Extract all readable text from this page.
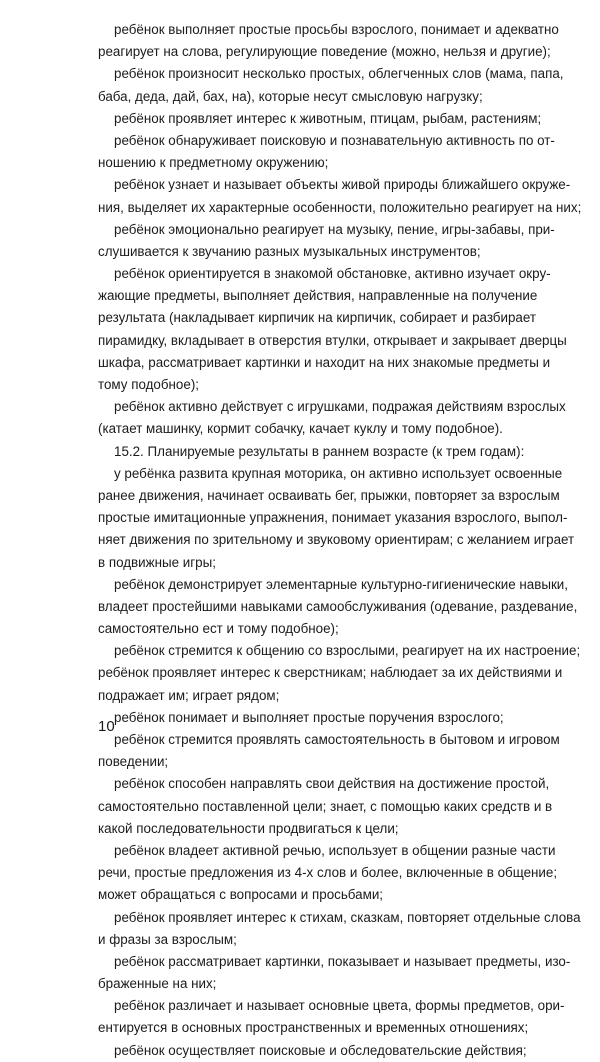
ребёнок выполняет простые просьбы взрослого, понимает и адекватно
реагирует на слова, регулирующие поведение (можно, нельзя и другие);
ребёнок произносит несколько простых, облегченных слов (мама, папа,
баба, деда, дай, бах, на), которые несут смысловую нагрузку;
ребёнок проявляет интерес к животным, птицам, рыбам, растениям;
ребёнок обнаруживает поисковую и познавательную активность по от-
ношению к предметному окружению;
ребёнок узнает и называет объекты живой природы ближайшего окруже-
ния, выделяет их характерные особенности, положительно реагирует на них;
ребёнок эмоционально реагирует на музыку, пение, игры-забавы, при-
слушивается к звучанию разных музыкальных инструментов;
ребёнок ориентируется в знакомой обстановке, активно изучает окру-
жающие предметы, выполняет действия, направленные на получение
результата (накладывает кирпичик на кирпичик, собирает и разбирает
пирамидку, вкладывает в отверстия втулки, открывает и закрывает дверцы
шкафа, рассматривает картинки и находит на них знакомые предметы и
тому подобное);
ребёнок активно действует с игрушками, подражая действиям взрослых
(катает машинку, кормит собачку, качает куклу и тому подобное).
15.2. Планируемые результаты в раннем возрасте (к трем годам):
у ребёнка развита крупная моторика, он активно использует освоенные
ранее движения, начинает осваивать бег, прыжки, повторяет за взрослым
простые имитационные упражнения, понимает указания взрослого, выпол-
няет движения по зрительному и звуковому ориентирам; с желанием играет
в подвижные игры;
ребёнок демонстрирует элементарные культурно-гигиенические навыки,
владеет простейшими навыками самообслуживания (одевание, раздевание,
самостоятельно ест и тому подобное);
ребёнок стремится к общению со взрослыми, реагирует на их настроение;
ребёнок проявляет интерес к сверстникам; наблюдает за их действиями и
подражает им; играет рядом;
ребёнок понимает и выполняет простые поручения взрослого;
ребёнок стремится проявлять самостоятельность в бытовом и игровом
поведении;
ребёнок способен направлять свои действия на достижение простой,
самостоятельно поставленной цели; знает, с помощью каких средств и в
какой последовательности продвигаться к цели;
ребёнок владеет активной речью, использует в общении разные части
речи, простые предложения из 4-х слов и более, включенные в общение;
может обращаться с вопросами и просьбами;
ребёнок проявляет интерес к стихам, сказкам, повторяет отдельные слова
и фразы за взрослым;
ребёнок рассматривает картинки, показывает и называет предметы, изо-
браженные на них;
ребёнок различает и называет основные цвета, формы предметов, ори-
ентируется в основных пространственных и временных отношениях;
ребёнок осуществляет поисковые и обследовательские действия;
10
